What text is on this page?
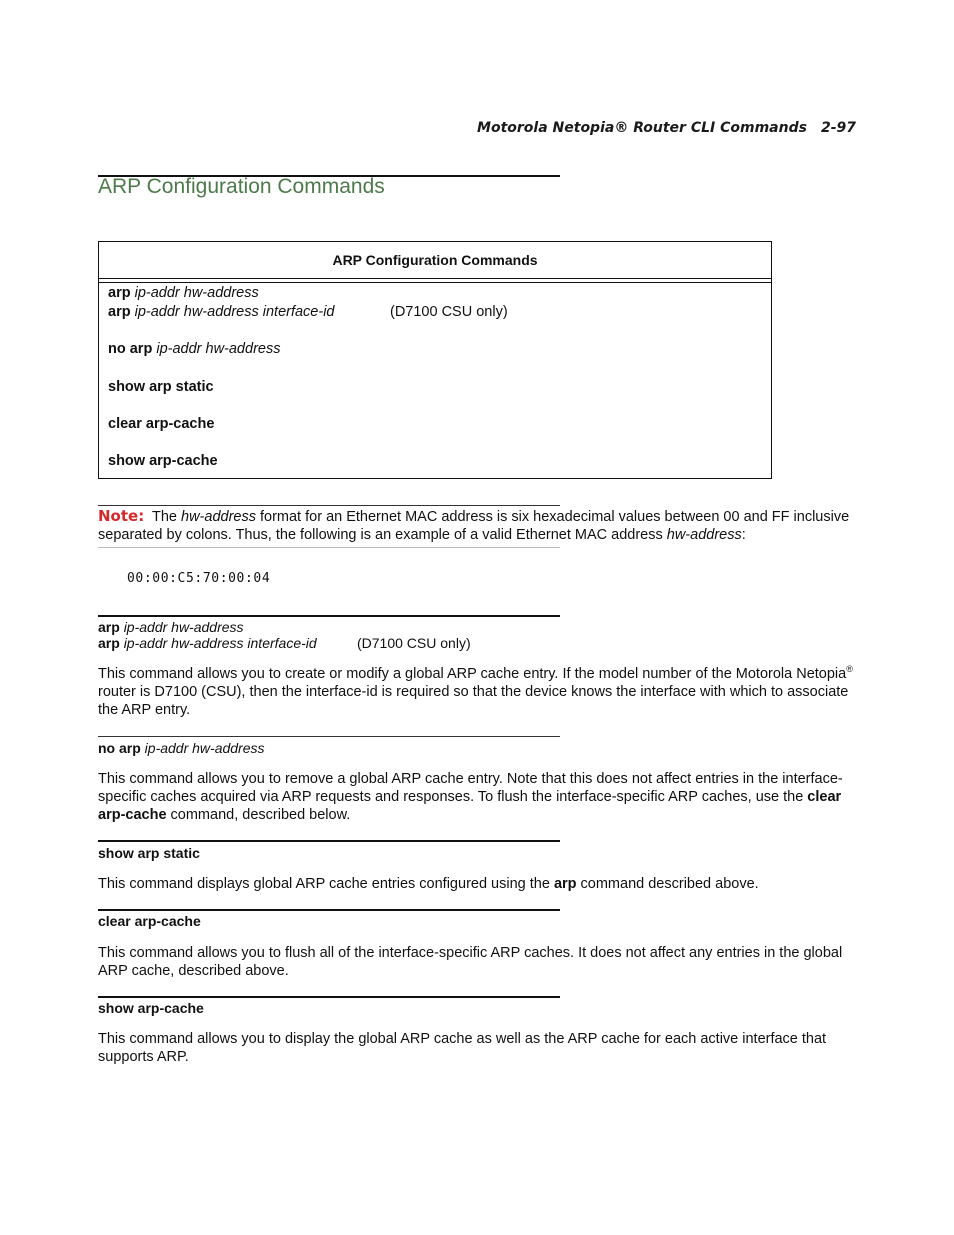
Motorola Netopia® Router CLI Commands 2-97
ARP Configuration Commands
ARP Configuration Commands
arp ip-addr hw-address
arp ip-addr hw-address interface-id	(D7100 CSU only)
no arp ip-addr hw-address
show arp static
clear arp-cache
show arp-cache
Note: The hw-address format for an Ethernet MAC address is six hexadecimal values between 00 and FF inclusive separated by colons. Thus, the following is an example of a valid Ethernet MAC address hw-address:
00:00:C5:70:00:04
arp ip-addr hw-address
arp ip-addr hw-address interface-id	(D7100 CSU only)
This command allows you to create or modify a global ARP cache entry. If the model number of the Motorola Netopia® router is D7100 (CSU), then the interface-id is required so that the device knows the interface with which to associate the ARP entry.
no arp ip-addr hw-address
This command allows you to remove a global ARP cache entry. Note that this does not affect entries in the interface-specific caches acquired via ARP requests and responses. To flush the interface-specific ARP caches, use the clear arp-cache command, described below.
show arp static
This command displays global ARP cache entries configured using the arp command described above.
clear arp-cache
This command allows you to flush all of the interface-specific ARP caches. It does not affect any entries in the global ARP cache, described above.
show arp-cache
This command allows you to display the global ARP cache as well as the ARP cache for each active interface that supports ARP.
